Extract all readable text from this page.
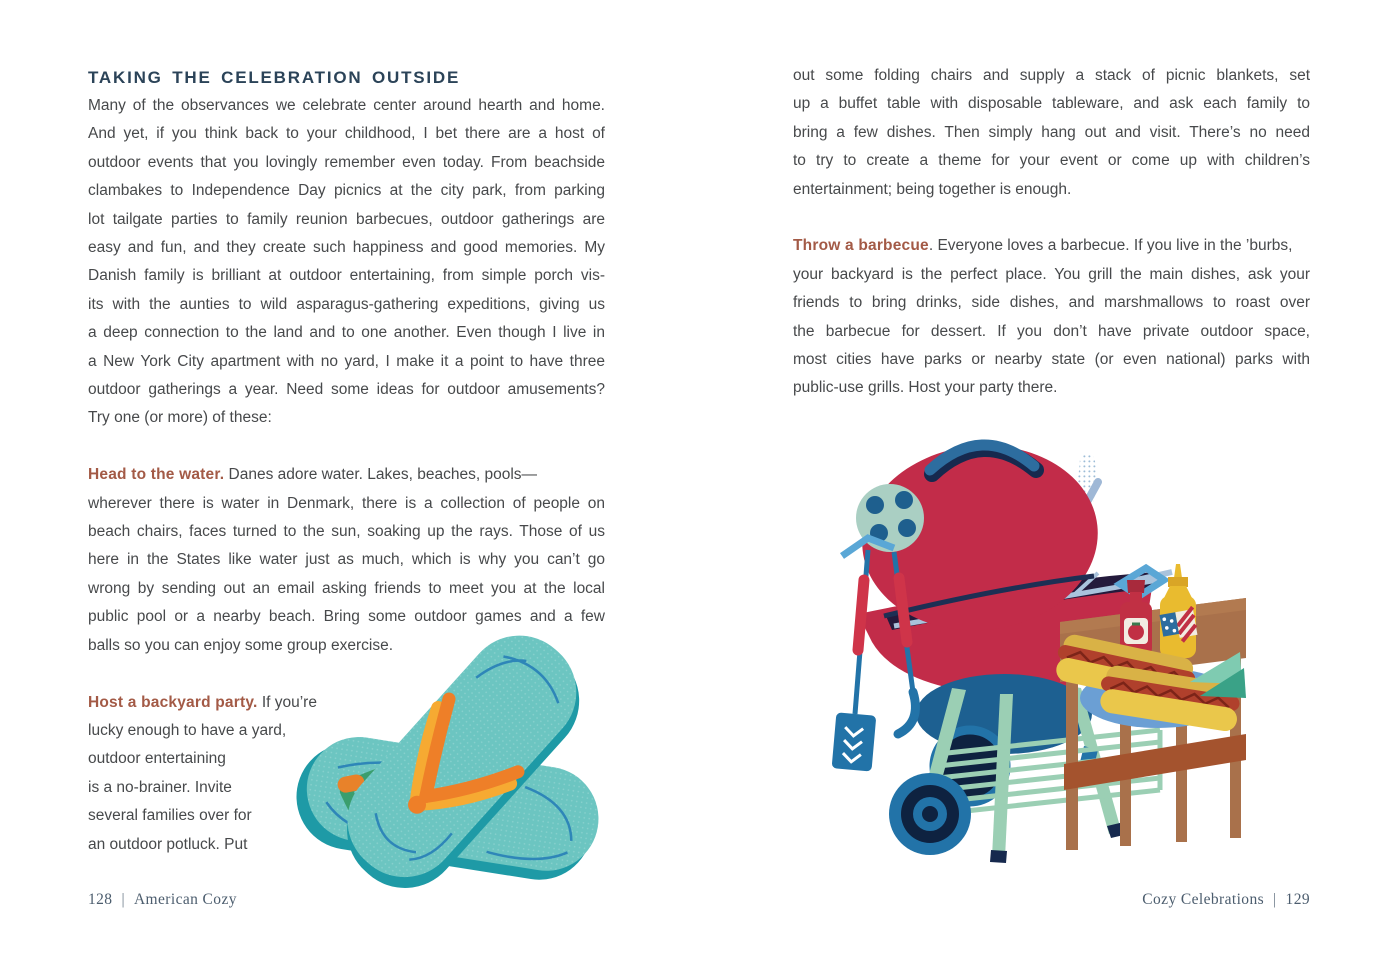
TAKING THE CELEBRATION OUTSIDE
Many of the observances we celebrate center around hearth and home.
And yet, if you think back to your childhood, I bet there are a host of
outdoor events that you lovingly remember even today. From beachside
clambakes to Independence Day picnics at the city park, from parking
lot tailgate parties to family reunion barbecues, outdoor gatherings are
easy and fun, and they create such happiness and good memories. My
Danish family is brilliant at outdoor entertaining, from simple porch vis-
its with the aunties to wild asparagus-gathering expeditions, giving us
a deep connection to the land and to one another. Even though I live in
a New York City apartment with no yard, I make it a point to have three
outdoor gatherings a year. Need some ideas for outdoor amusements?
Try one (or more) of these:
Head to the water. Danes adore water. Lakes, beaches, pools—
wherever there is water in Denmark, there is a collection of people on
beach chairs, faces turned to the sun, soaking up the rays. Those of us
here in the States like water just as much, which is why you can’t go
wrong by sending out an email asking friends to meet you at the local
public pool or a nearby beach. Bring some outdoor games and a few
balls so you can enjoy some group exercise.
Host a backyard party. If you’re
lucky enough to have a yard,
outdoor entertaining
is a no-brainer. Invite
several families over for
an outdoor potluck. Put
out some folding chairs and supply a stack of picnic blankets, set
up a buffet table with disposable tableware, and ask each family to
bring a few dishes. Then simply hang out and visit. There’s no need
to try to create a theme for your event or come up with children’s
entertainment; being together is enough.
Throw a barbecue. Everyone loves a barbecue. If you live in the ’burbs,
your backyard is the perfect place. You grill the main dishes, ask your
friends to bring drinks, side dishes, and marshmallows to roast over
the barbecue for dessert. If you don’t have private outdoor space,
most cities have parks or nearby state (or even national) parks with
public-use grills. Host your party there.
128 | American Cozy	Cozy Celebrations | 129
